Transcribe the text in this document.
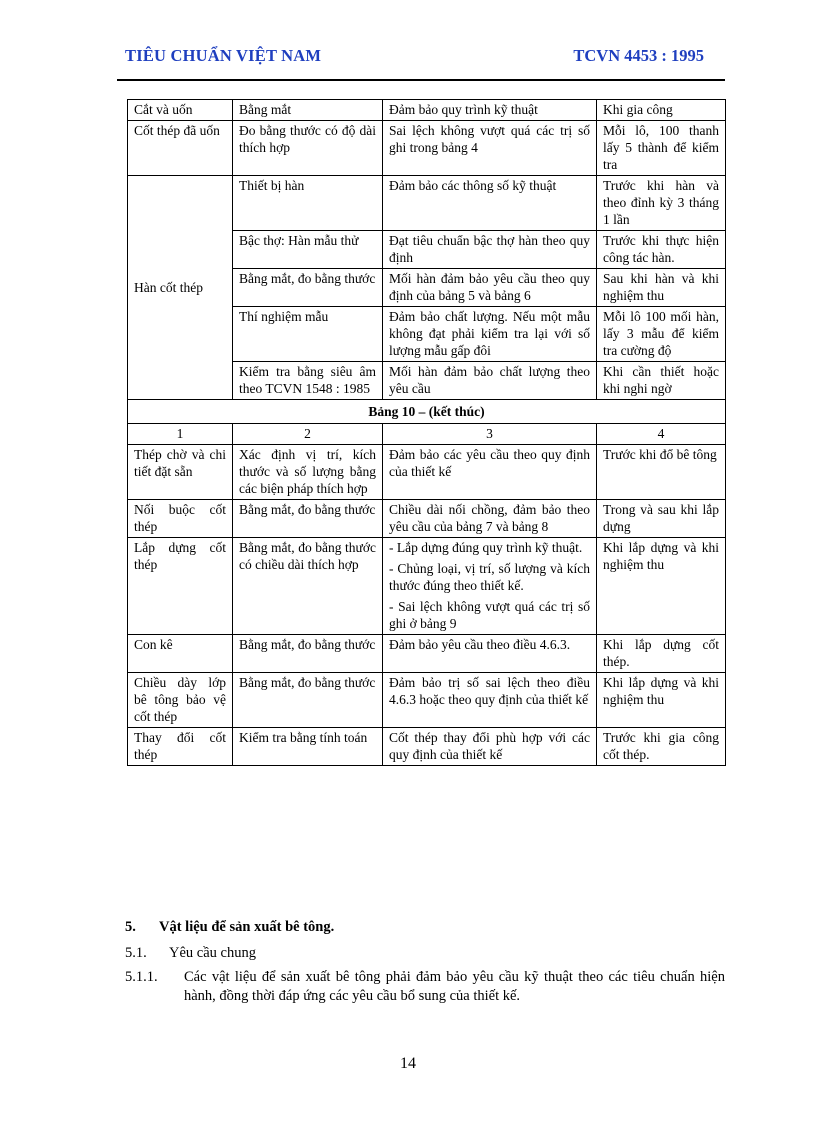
TIÊU CHUẨN VIỆT NAM	TCVN 4453 : 1995
Cắt và uốn	Bằng mắt	Đảm bảo quy trình kỹ thuật	Khi gia công
Cốt thép đã uốn	Đo bằng thước có độ dài thích hợp	Sai lệch không vượt quá các trị số ghi trong bảng 4	Mỗi lô, 100 thanh lấy 5 thành để kiểm tra
Hàn cốt thép	Thiết bị hàn	Đảm bảo các thông số kỹ thuật	Trước khi hàn và theo đỉnh kỳ 3 tháng 1 lần
	Bậc thợ: Hàn mẫu thử	Đạt tiêu chuẩn bậc thợ hàn theo quy định	Trước khi thực hiện công tác hàn.
	Bằng mắt, đo bằng thước	Mối hàn đảm bảo yêu cầu theo quy định của bảng 5 và bảng 6	Sau khi hàn và khi nghiệm thu
	Thí nghiệm mẫu	Đảm bảo chất lượng. Nếu một mẫu không đạt phải kiểm tra lại với số lượng mẫu gấp đôi	Mỗi lô 100 mối hàn, lấy 3 mẫu để kiểm tra cường độ
	Kiểm tra bằng siêu âm theo TCVN 1548 : 1985	Mối hàn đảm bảo chất lượng theo yêu cầu	Khi cần thiết hoặc khi nghi ngờ
Bảng 10 – (kết thúc)			
1	2	3	4
Thép chờ và chi tiết đặt sẵn	Xác định vị trí, kích thước và số lượng bằng các biện pháp thích hợp	Đảm bảo các yêu cầu theo quy định của thiết kế	Trước khi đổ bê tông
Nối buộc cốt thép	Bằng mắt, đo bằng thước	Chiều dài nối chồng, đảm bảo theo yêu cầu của bảng 7 và bảng 8	Trong và sau khi lắp dựng
Lắp dựng cốt thép	Bằng mắt, đo bằng thước có chiều dài thích hợp	- Lắp dựng đúng quy trình kỹ thuật.
- Chủng loại, vị trí, số lượng và kích thước đúng theo thiết kế.
- Sai lệch không vượt quá các trị số ghi ở bảng 9	Khi lắp dựng và khi nghiệm thu
Con kê	Bằng mắt, đo bằng thước	Đảm bảo yêu cầu theo điều 4.6.3.	Khi lắp dựng cốt thép.
Chiều dày lớp bê tông bảo vệ cốt thép	Bằng mắt, đo bằng thước	Đảm bảo trị số sai lệch theo điều 4.6.3 hoặc theo quy định của thiết kế	Khi lắp dựng và khi nghiệm thu
Thay đổi cốt thép	Kiểm tra bằng tính toán	Cốt thép thay đổi phù hợp với các quy định của thiết kế	Trước khi gia công cốt thép.
5. Vật liệu để sản xuất bê tông.
5.1. Yêu cầu chung
5.1.1. Các vật liệu để sản xuất bê tông phải đảm bảo yêu cầu kỹ thuật theo các tiêu chuẩn hiện hành, đồng thời đáp ứng các yêu cầu bổ sung của thiết kế.
14
